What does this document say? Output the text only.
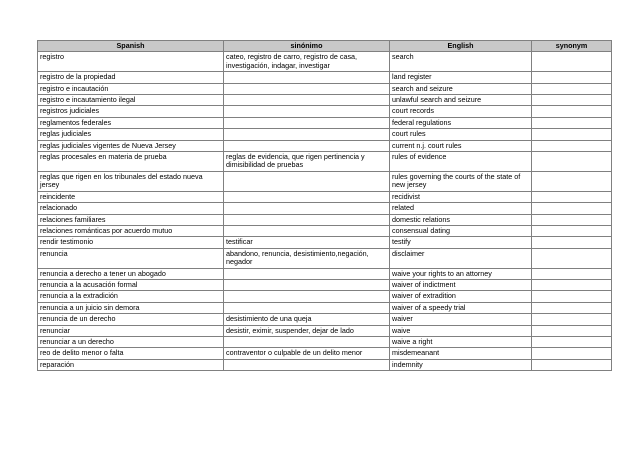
Spanish	sinónimo	English	synonym
registro	cateo, registro de carro, registro de casa, investigación, indagar, investigar	search	
registro de la propiedad		land register	
registro e incautación		search and seizure	
registro e incautamiento ilegal		unlawful search and seizure	
registros judiciales		court records	
reglamentos federales		federal regulations	
reglas judiciales		court rules	
reglas judiciales vigentes de Nueva Jersey		current n.j. court rules	
reglas procesales en materia de prueba	reglas de evidencia, que rigen pertinencia y dimisibilidad de pruebas	rules of evidence	
reglas que rigen en los tribunales del estado nueva jersey		rules governing the courts of the state of new jersey	
reincidente		recidivist	
relacionado		related	
relaciones familiares		domestic relations	
relaciones románticas por acuerdo mutuo		consensual dating	
rendir testimonio	testificar	testify	
renuncia	abandono, renuncia, desistimiento,negación, negador	disclaimer	
renuncia a derecho a tener un abogado		waive your rights to an attorney	
renuncia a la acusación formal		waiver of indictment	
renuncia a la extradición		waiver of extradition	
renuncia a un juicio sin demora		waiver of a speedy trial	
renuncia de un derecho	desistimiento de una queja	waiver	
renunciar	desistir, eximir, suspender, dejar de lado	waive	
renunciar a un derecho		waive a right	
reo de delito menor o falta	contraventor o culpable de un delito menor	misdemeanant	
reparación		indemnity	
